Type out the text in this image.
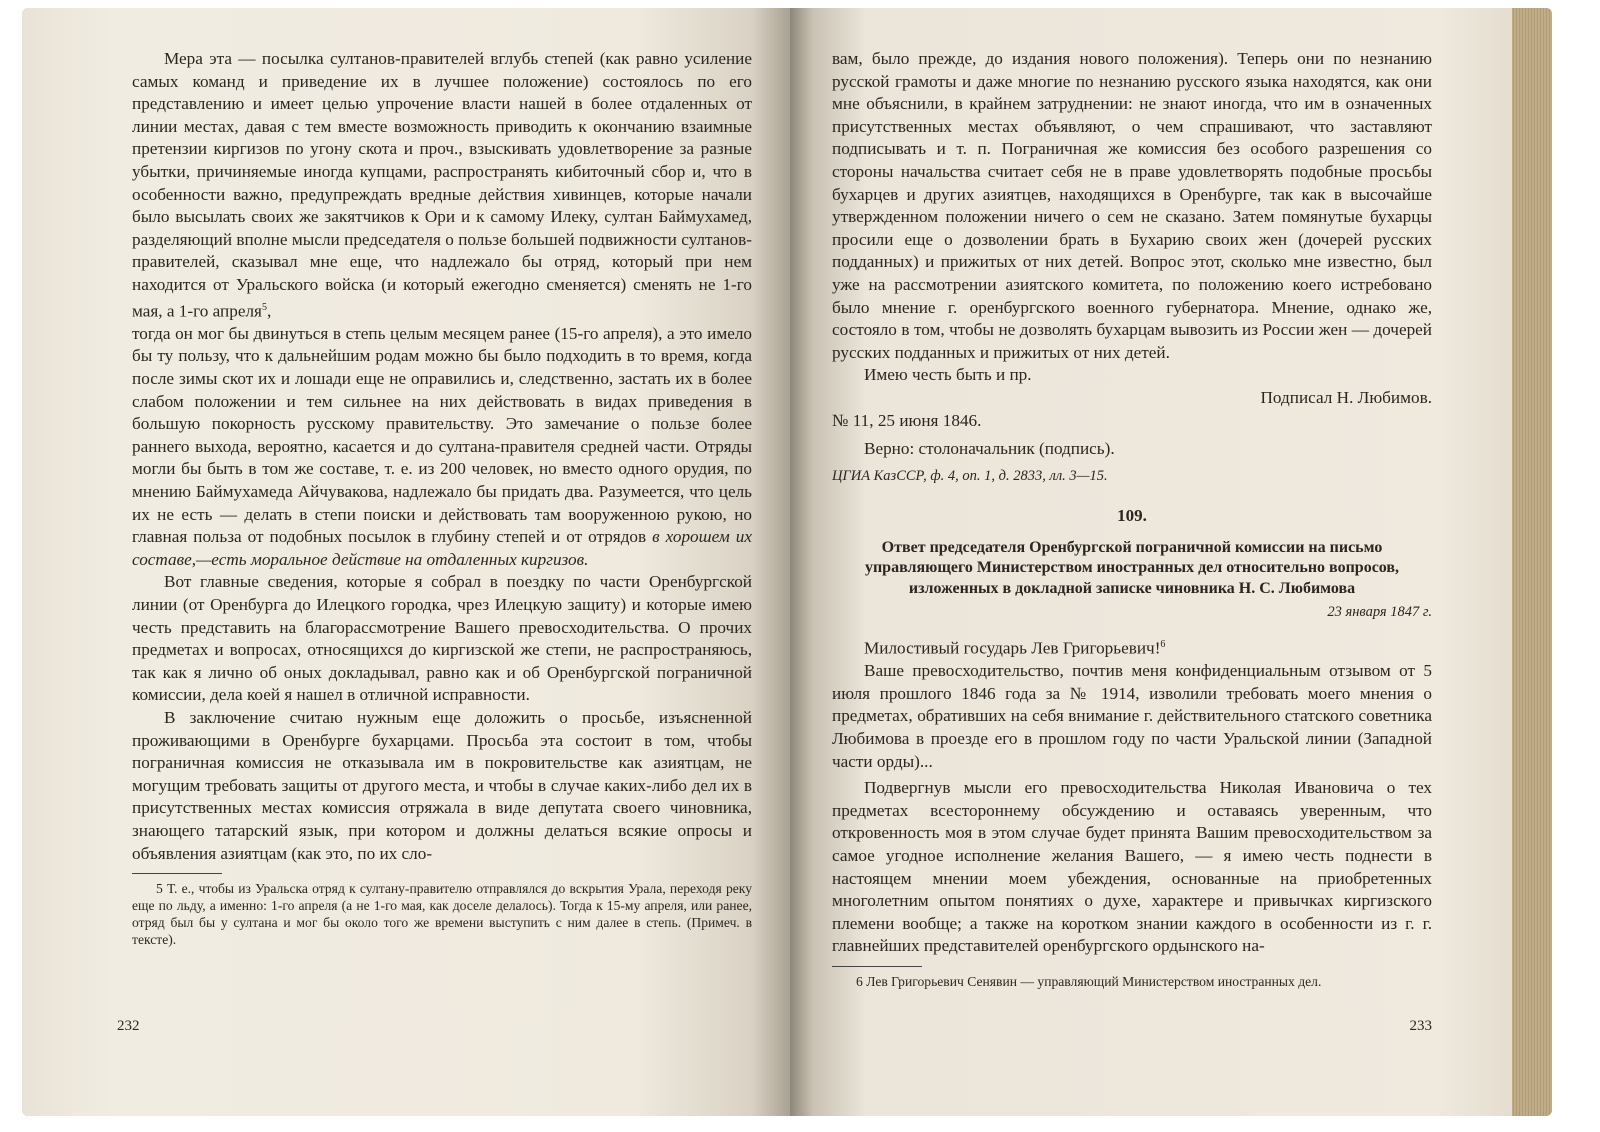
Мера эта — посылка султанов-правителей вглубь степей (как равно усиление самых команд и приведение их в лучшее положение) состоялось по его представлению и имеет целью упрочение власти нашей в более отдаленных от линии местах, давая с тем вместе возможность приводить к окончанию взаимные претензии киргизов по угону скота и проч., взыскивать удовлетворение за разные убытки, причиняемые иногда купцами, распространять кибиточный сбор и, что в особенности важно, предупреждать вредные действия хивинцев, которые начали было высылать своих же закятчиков к Ори и к самому Илеку, султан Баймухамед, разделяющий вполне мысли председателя о пользе большей подвижности султанов-правителей, сказывал мне еще, что надлежало бы отряд, который при нем находится от Уральского войска (и который ежегодно сменяется) сменять не 1-го мая, а 1-го апреля$^5$,

тогда он мог бы двинуться в степь целым месяцем ранее (15-го апреля), а это имело бы ту пользу, что к дальнейшим родам можно бы было подходить в то время, когда после зимы скот их и лошади еще не оправились и, следственно, застать их в более слабом положении и тем сильнее на них действовать в видах приведения в большую покорность русскому правительству. Это замечание о пользе более раннего выхода, вероятно, касается и до султана-правителя средней части. Отряды могли бы быть в том же составе, т. е. из 200 человек, но вместо одного орудия, по мнению Баймухамеда Айчувакова, надлежало бы придать два. Разумеется, что цель их не есть — делать в степи поиски и действовать там вооруженною рукою, но главная польза от подобных посылок в глубину степей и от отрядов в хорошем их составе,—есть моральное действие на отдаленных киргизов.

Вот главные сведения, которые я собрал в поездку по части Оренбургской линии (от Оренбурга до Илецкого городка, чрез Илецкую защиту) и которые имею честь представить на благорассмотрение Вашего превосходительства. О прочих предметах и вопросах, относящихся до киргизской же степи, не распространяюсь, так как я лично об оных докладывал, равно как и об Оренбургской пограничной комиссии, дела коей я нашел в отличной исправности.

В заключение считаю нужным еще доложить о просьбе, изъясненной проживающими в Оренбурге бухарцами. Просьба эта состоит в том, чтобы пограничная комиссия не отказывала им в покровительстве как азиятцам, не могущим требовать защиты от другого места, и чтобы в случае каких-либо дел их в присутственных местах комиссия отряжала в виде депутата своего чиновника, знающего татарский язык, при котором и должны делаться всякие опросы и объявления азиятцам (как это, по их сло-

5 Т. е., чтобы из Уральска отряд к султану-правителю отправлялся до вскрытия Урала, переходя реку еще по льду, а именно: 1-го апреля (а не 1-го мая, как доселе делалось). Тогда к 15-му апреля, или ранее, отряд был бы у султана и мог бы около того же времени выступить с ним далее в степь. (Примеч. в тексте).

232

вам, было прежде, до издания нового положения). Теперь они по незнанию русской грамоты и даже многие по незнанию русского языка находятся, как они мне объяснили, в крайнем затруднении: не знают иногда, что им в означенных присутственных местах объявляют, о чем спрашивают, что заставляют подписывать и т. п. Пограничная же комиссия без особого разрешения со стороны начальства считает себя не в праве удовлетворять подобные просьбы бухарцев и других азиятцев, находящихся в Оренбурге, так как в высочайше утвержденном положении ничего о сем не сказано. Затем помянутые бухарцы просили еще о дозволении брать в Бухарию своих жен (дочерей русских подданных) и прижитых от них детей. Вопрос этот, сколько мне известно, был уже на рассмотрении азиятского комитета, по положению коего истребовано было мнение г. оренбургского военного губернатора. Мнение, однако же, состояло в том, чтобы не дозволять бухарцам вывозить из России жен — дочерей русских подданных и прижитых от них детей.

Имею честь быть и пр.

Подписал Н. Любимов.

№ 11, 25 июня 1846.

Верно: столоначальник (подпись).

ЦГИА КазССР, ф. 4, оп. 1, д. 2833, лл. 3—15.
109.
Ответ председателя Оренбургской пограничной комиссии на письмо управляющего Министерством иностранных дел относительно вопросов, изложенных в докладной записке чиновника Н. С. Любимова
23 января 1847 г.

Милостивый государь Лев Григорьевич!$^6$

Ваше превосходительство, почтив меня конфиденциальным отзывом от 5 июля прошлого 1846 года за № 1914, изволили требовать моего мнения о предметах, обративших на себя внимание г. действительного статского советника Любимова в проезде его в прошлом году по части Уральской линии (Западной части орды)...

Подвергнув мысли его превосходительства Николая Ивановича о тех предметах всестороннему обсуждению и оставаясь уверенным, что откровенность моя в этом случае будет принята Вашим превосходительством за самое угодное исполнение желания Вашего, — я имею честь поднести в настоящем мнении моем убеждения, основанные на приобретенных многолетним опытом понятиях о духе, характере и привычках киргизского племени вообще; а также на коротком знании каждого в особенности из г. г. главнейших представителей оренбургского ордынского на-

6 Лев Григорьевич Сенявин — управляющий Министерством иностранных дел.

233
